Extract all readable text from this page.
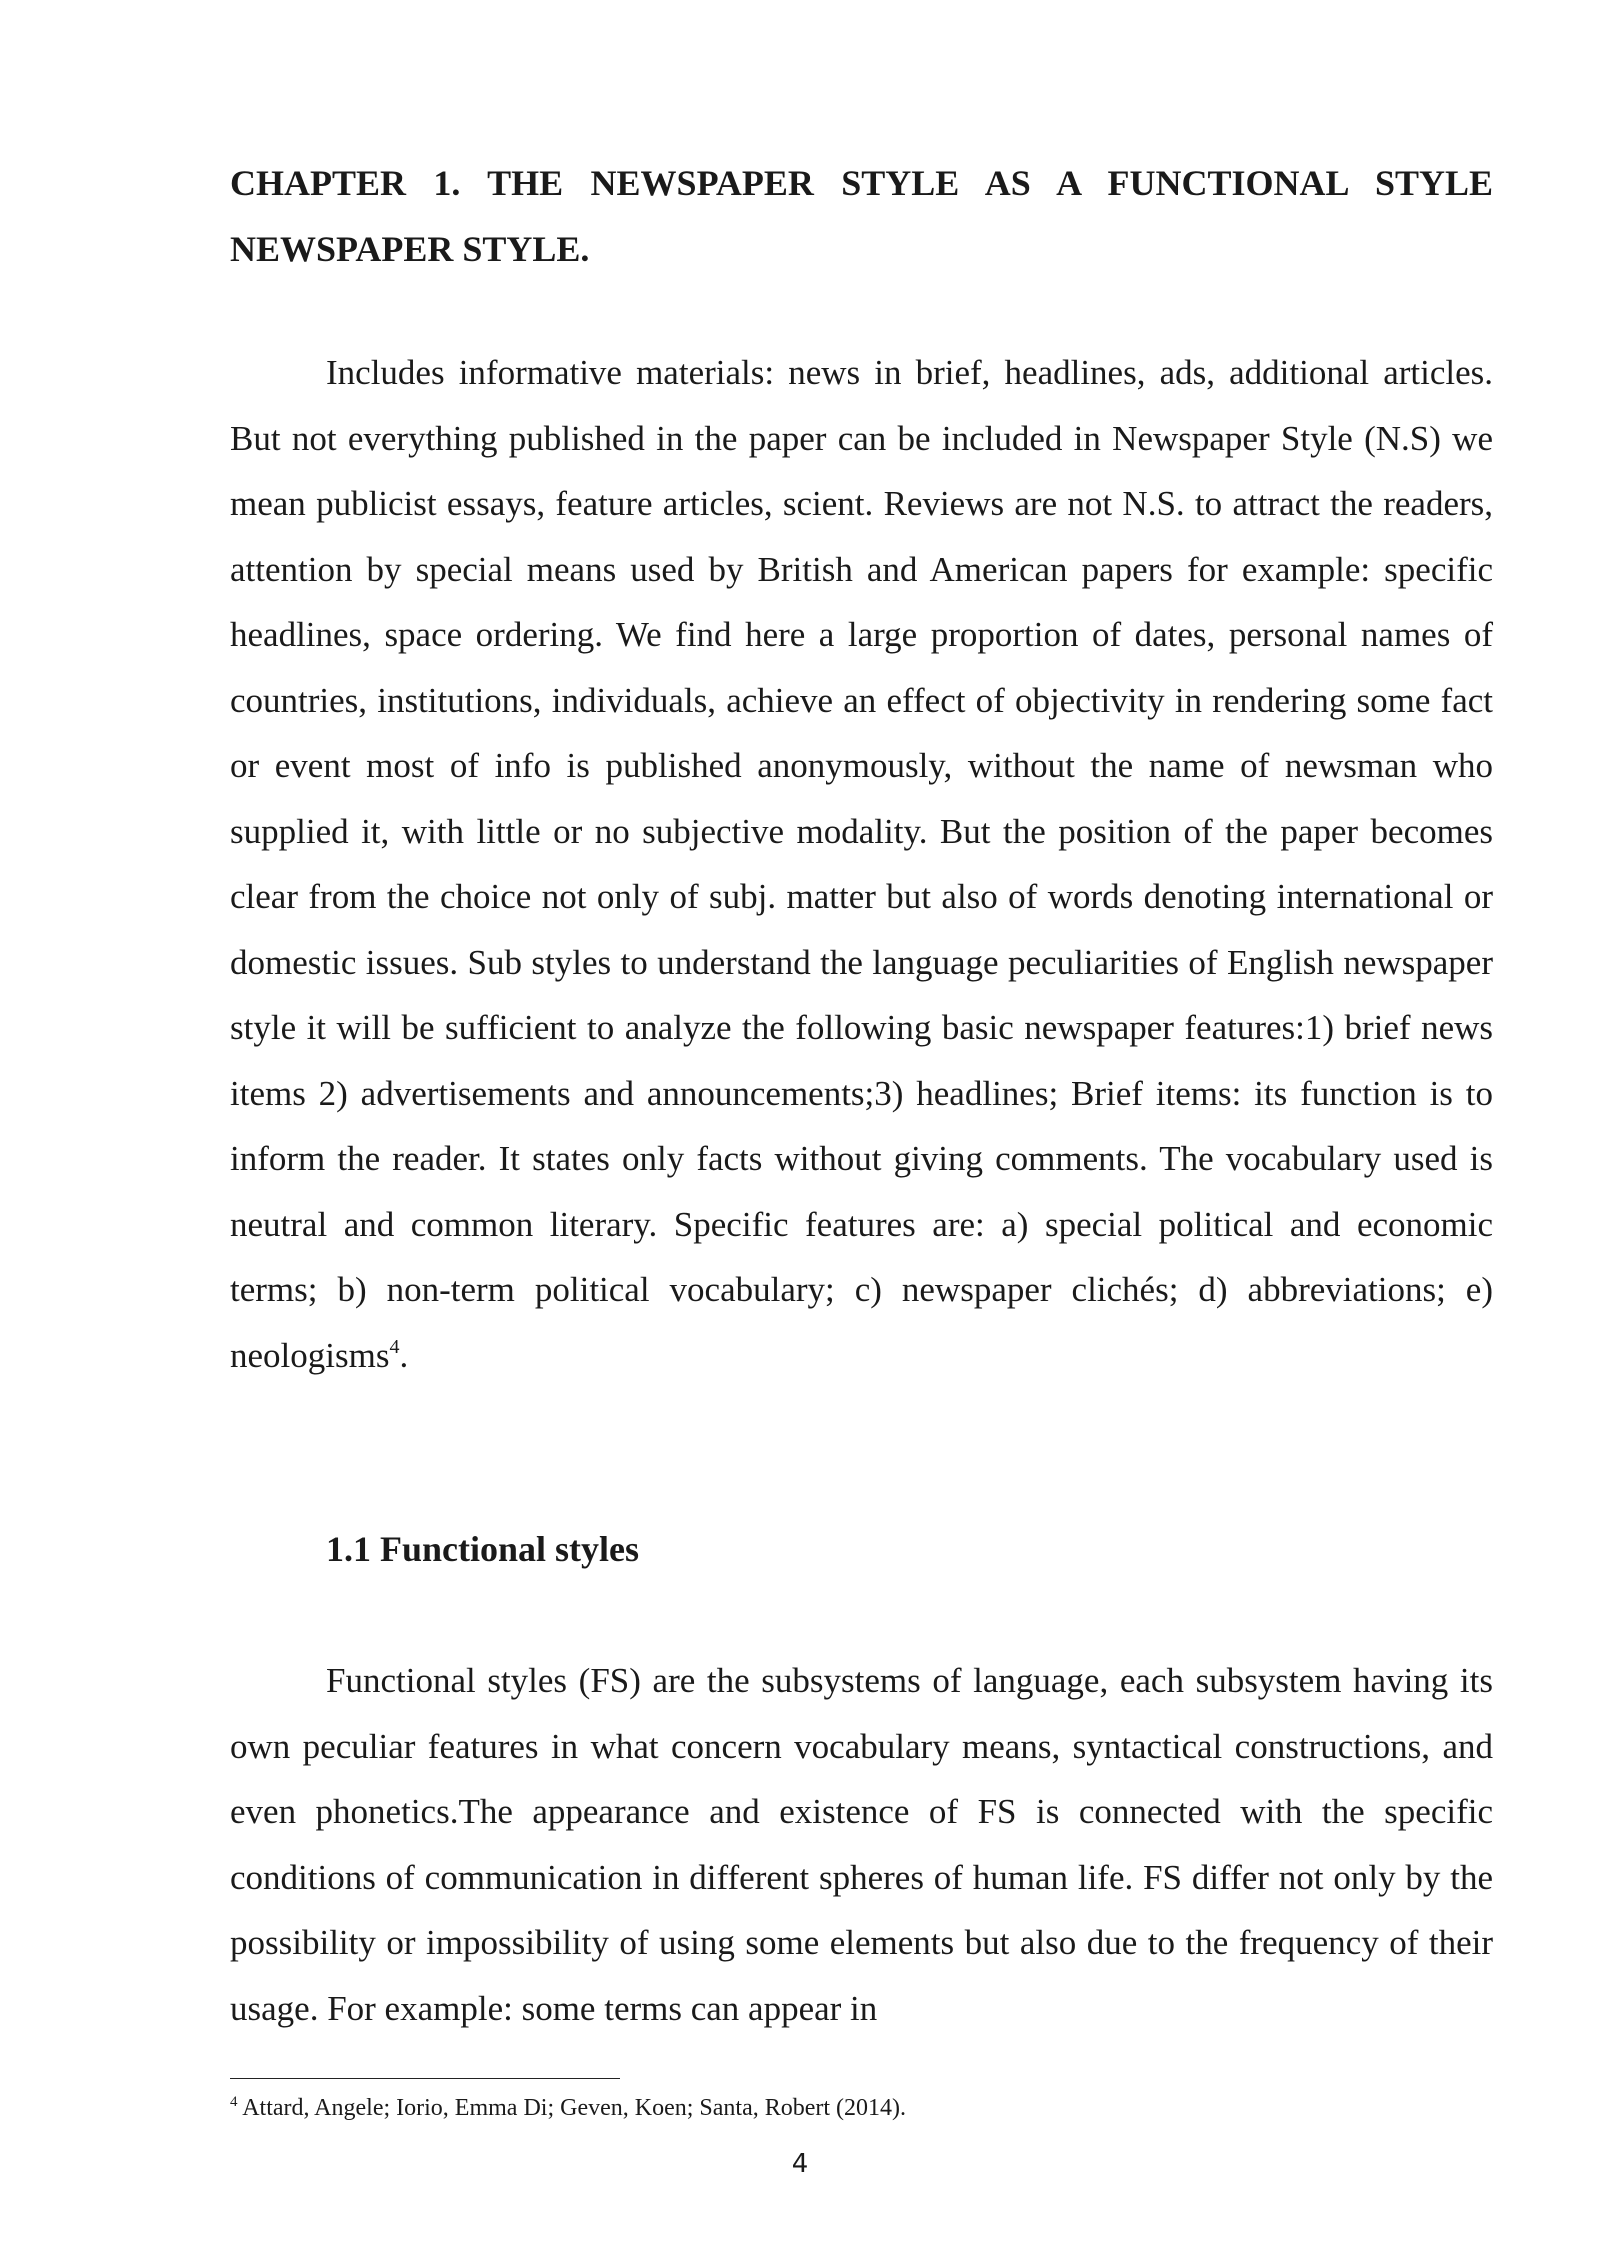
CHAPTER 1. THE NEWSPAPER STYLE AS A FUNCTIONAL STYLE
NEWSPAPER STYLE.

Includes informative materials: news in brief, headlines, ads, additional articles. But not everything published in the paper can be included in Newspaper Style (N.S) we mean publicist essays, feature articles, scient. Reviews are not N.S. to attract the readers, attention by special means used by British and American papers for example: specific headlines, space ordering. We find here a large proportion of dates, personal names of countries, institutions, individuals, achieve an effect of objectivity in rendering some fact or event most of info is published anonymously, without the name of newsman who supplied it, with little or no subjective modality. But the position of the paper becomes clear from the choice not only of subj. matter but also of words denoting international or domestic issues. Sub styles to understand the language peculiarities of English newspaper style it will be sufficient to analyze the following basic newspaper features:1) brief news items 2) advertisements and announcements;3) headlines; Brief items: its function is to inform the reader. It states only facts without giving comments. The vocabulary used is neutral and common literary. Specific features are: a) special political and economic terms; b) non-term political vocabulary; c) newspaper clichés; d) abbreviations; e) neologisms$^4$.

1.1 Functional styles

Functional styles (FS) are the subsystems of language, each subsystem having its own peculiar features in what concern vocabulary means, syntactical constructions, and even phonetics.The appearance and existence of FS is connected with the specific conditions of communication in different spheres of human life. FS differ not only by the possibility or impossibility of using some elements but also due to the frequency of their usage. For example: some terms can appear in

$^4$ Attard, Angele; Iorio, Emma Di; Geven, Koen; Santa, Robert (2014).

4
